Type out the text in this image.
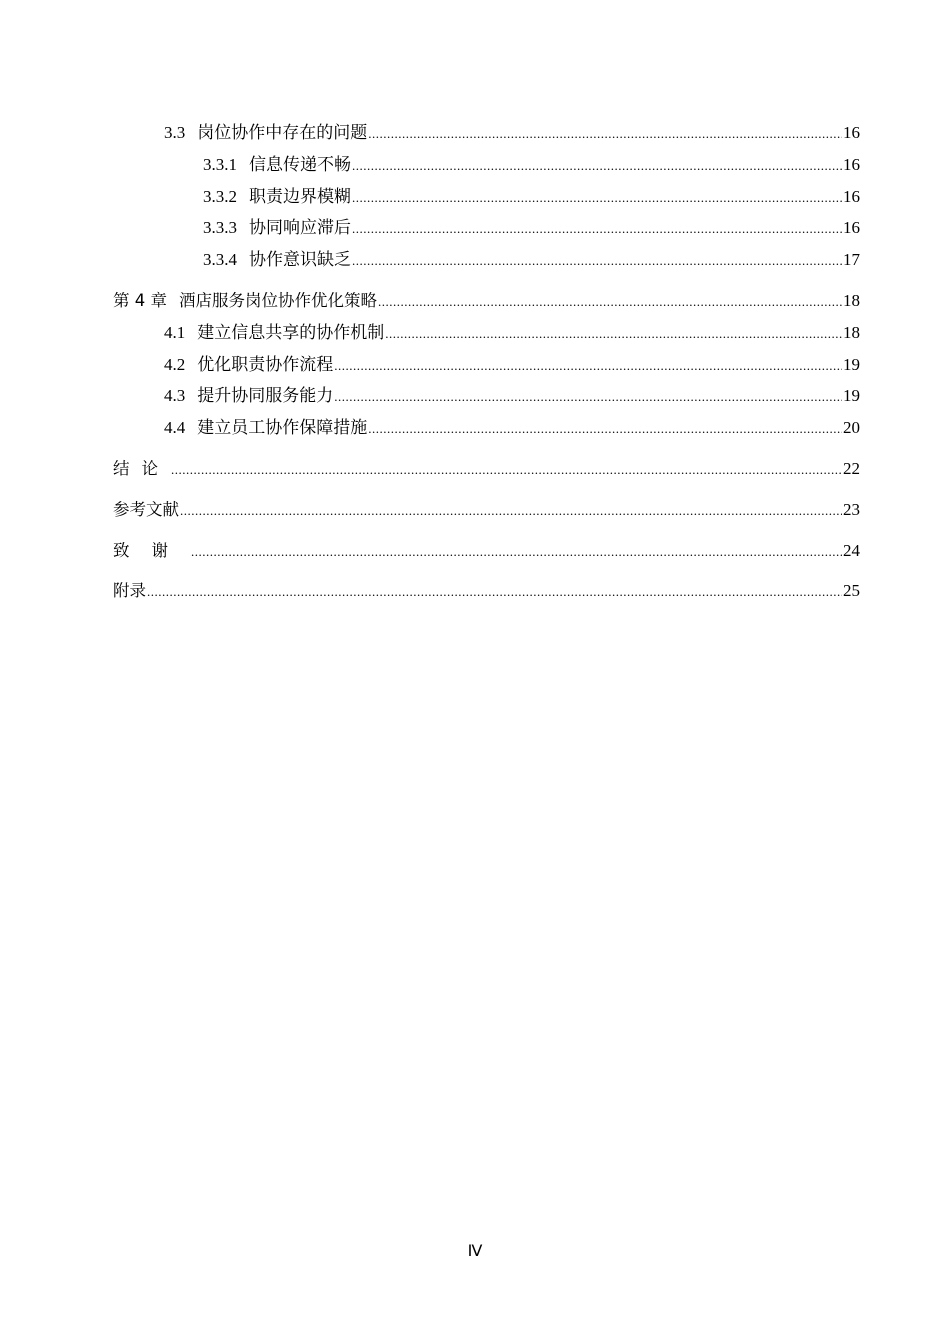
3.3 岗位协作中存在的问题 .....	16
3.3.1 信息传递不畅 .....	16
3.3.2 职责边界模糊 .....	16
3.3.3 协同响应滞后 .....	16
3.3.4 协作意识缺乏 .....	17
第 4 章 酒店服务岗位协作优化策略 .....	18
4.1 建立信息共享的协作机制 .....	18
4.2 优化职责协作流程 .....	19
4.3 提升协同服务能力 .....	19
4.4 建立员工协作保障措施 .....	20
结论 .....	22
参考文献 .....	23
致谢 .....	24
附录 .....	25
Ⅳ
